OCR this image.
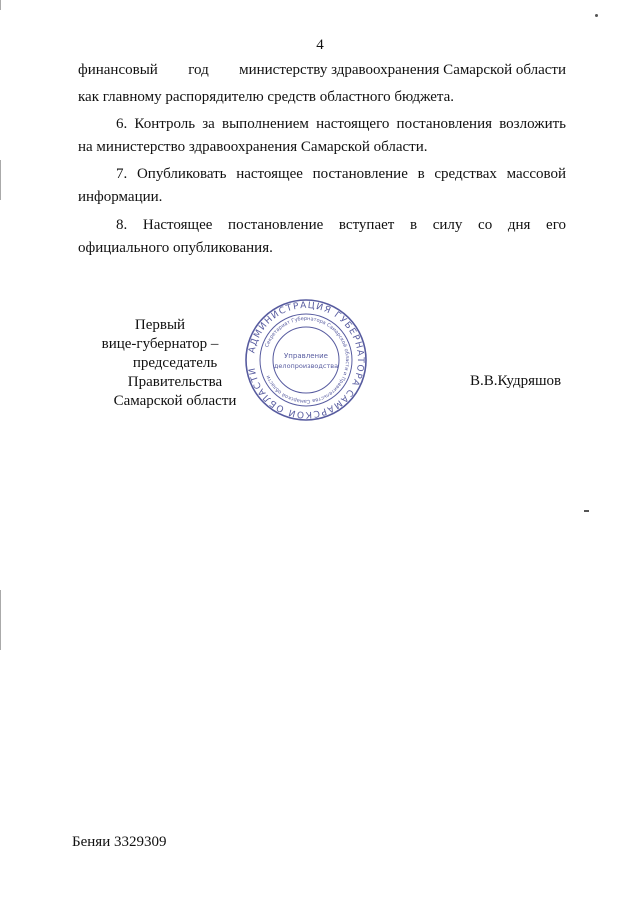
4
финансовый год министерству здравоохранения Самарской области
как главному распорядителю средств областного бюджета.
6. Контроль за выполнением настоящего постановления возложить
на министерство здравоохранения Самарской области.
7. Опубликовать настоящее постановление в средствах массовой
информации.
8. Настоящее постановление вступает в силу со дня его
официального опубликования.
Первый
вице-губернатор –
председатель Правительства
Самарской области
АДМИНИСТРАЦИЯ ГУБЕРНАТОРА САМАРСКОЙ ОБЛАСТИ
Секретариат Губернатора Самарской области и Правительства Самарской области
Управление
делопроизводства
В.В.Кудряшов
Беняи 3329309
